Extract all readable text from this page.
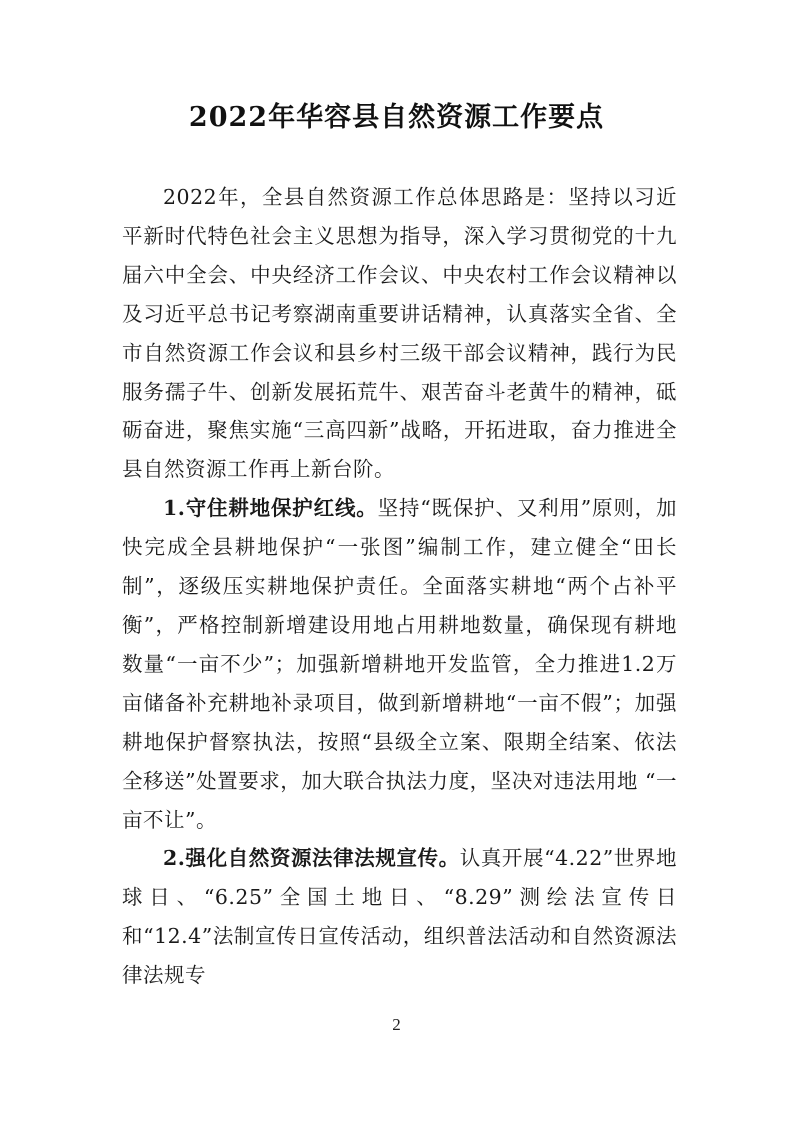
2022年华容县自然资源工作要点

2022年，全县自然资源工作总体思路是：坚持以习近平新时代特色社会主义思想为指导，深入学习贯彻党的十九届六中全会、中央经济工作会议、中央农村工作会议精神以及习近平总书记考察湖南重要讲话精神，认真落实全省、全市自然资源工作会议和县乡村三级干部会议精神，践行为民服务孺子牛、创新发展拓荒牛、艰苦奋斗老黄牛的精神，砥砺奋进，聚焦实施“三高四新”战略，开拓进取，奋力推进全县自然资源工作再上新台阶。

1.守住耕地保护红线。坚持“既保护、又利用”原则，加快完成全县耕地保护“一张图”编制工作，建立健全“田长制”，逐级压实耕地保护责任。全面落实耕地“两个占补平衡”，严格控制新增建设用地占用耕地数量，确保现有耕地数量“一亩不少”；加强新增耕地开发监管，全力推进1.2万亩储备补充耕地补录项目，做到新增耕地“一亩不假”；加强耕地保护督察执法，按照“县级全立案、限期全结案、依法全移送”处置要求，加大联合执法力度，坚决对违法用地 “一亩不让”。

2.强化自然资源法律法规宣传。认真开展“4.22”世界地球日、“6.25”全国土地日、“8.29”测绘法宣传日和“12.4”法制宣传日宣传活动，组织普法活动和自然资源法律法规专

2
